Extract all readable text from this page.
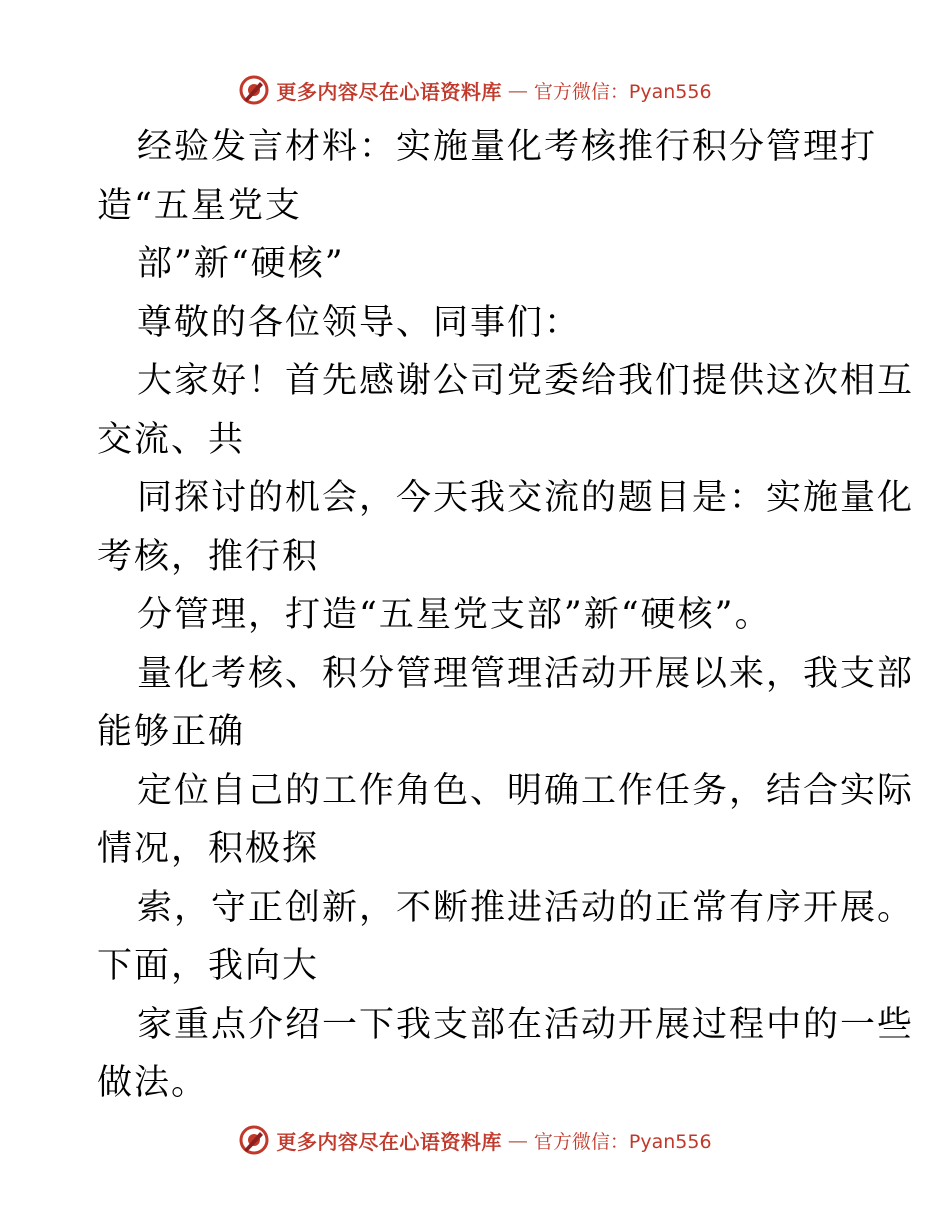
更多内容尽在心语资料库 — 官方微信：Pyan556
经验发言材料：实施量化考核推行积分管理打
造“五星党支
部”新“硬核”
尊敬的各位领导、同事们：
大家好！首先感谢公司党委给我们提供这次相互
交流、共
同探讨的机会，今天我交流的题目是：实施量化
考核，推行积
分管理，打造“五星党支部”新“硬核”。
量化考核、积分管理管理活动开展以来，我支部
能够正确
定位自己的工作角色、明确工作任务，结合实际
情况，积极探
索，守正创新，不断推进活动的正常有序开展。
下面，我向大
家重点介绍一下我支部在活动开展过程中的一些
做法。
更多内容尽在心语资料库 — 官方微信：Pyan556
